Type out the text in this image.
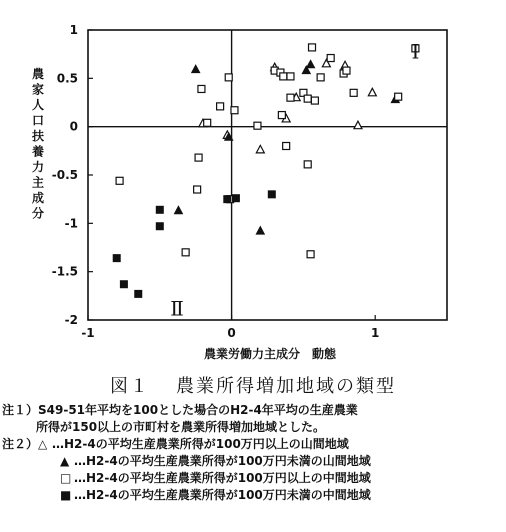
-1	0	1
1
0.5
0
-0.5
-1
-1.5
-2
Ⅰ
Ⅱ
農家人口扶養力主成分
農業労働力主成分　動態
図１ 農業所得増加地域の類型
注１）S49-51年平均を100とした場合のH2-4年平均の生産農業
所得が150以上の市町村を農業所得増加地域とした。
注２）△ …H2-4の平均生産農業所得が100万円以上の山間地域
▲ …H2-4の平均生産農業所得が100万円未満の山間地域
□ …H2-4の平均生産農業所得が100万円以上の中間地域
■ …H2-4の平均生産農業所得が100万円未満の中間地域
